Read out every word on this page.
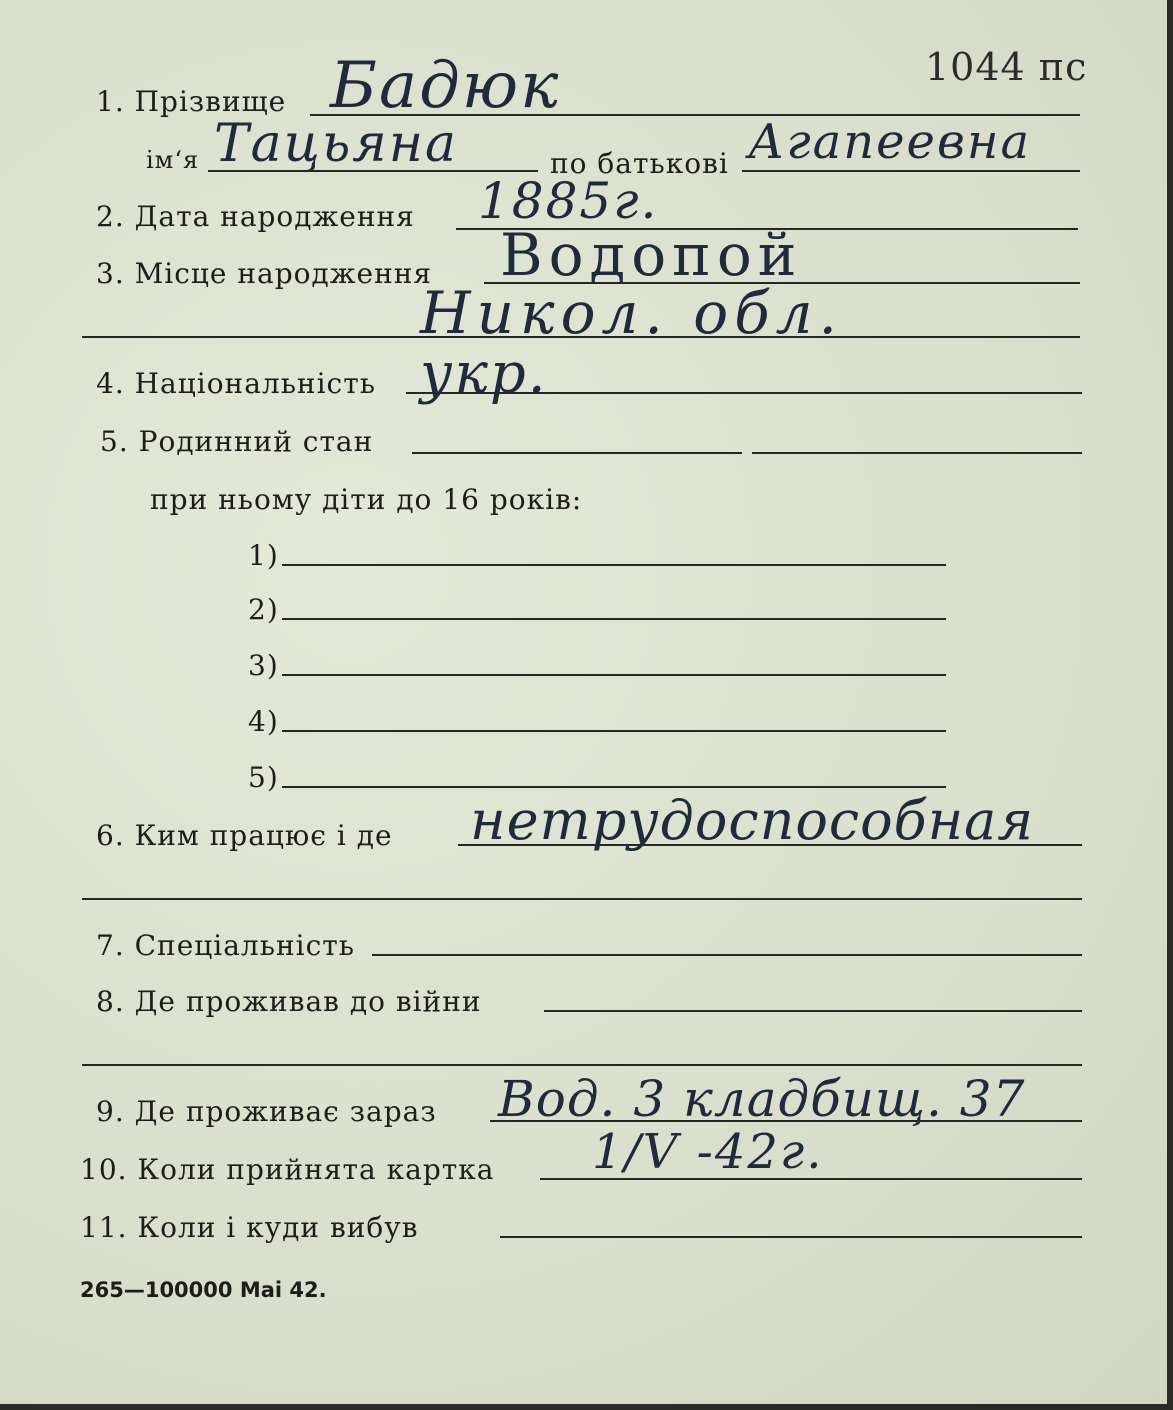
1044 пс
1. Прізвище Бадюк
ім‘я Тацьяна	по батькові Агапеевна
2. Дата народження 1885г.
3. Місце народження Водопой
Никол. обл.
4. Національність укр.
5. Родинний стан
при ньому діти до 16 років:
1)
2)
3)
4)
5)
6. Ким працює і де нетрудоспособная
7. Спеціальність
8. Де проживав до війни
9. Де проживає зараз Вод. 3 кладбищ. 37
10. Коли прийнята картка 1/V -42г.
11. Коли і куди вибув
265—100000 Mai 42.
